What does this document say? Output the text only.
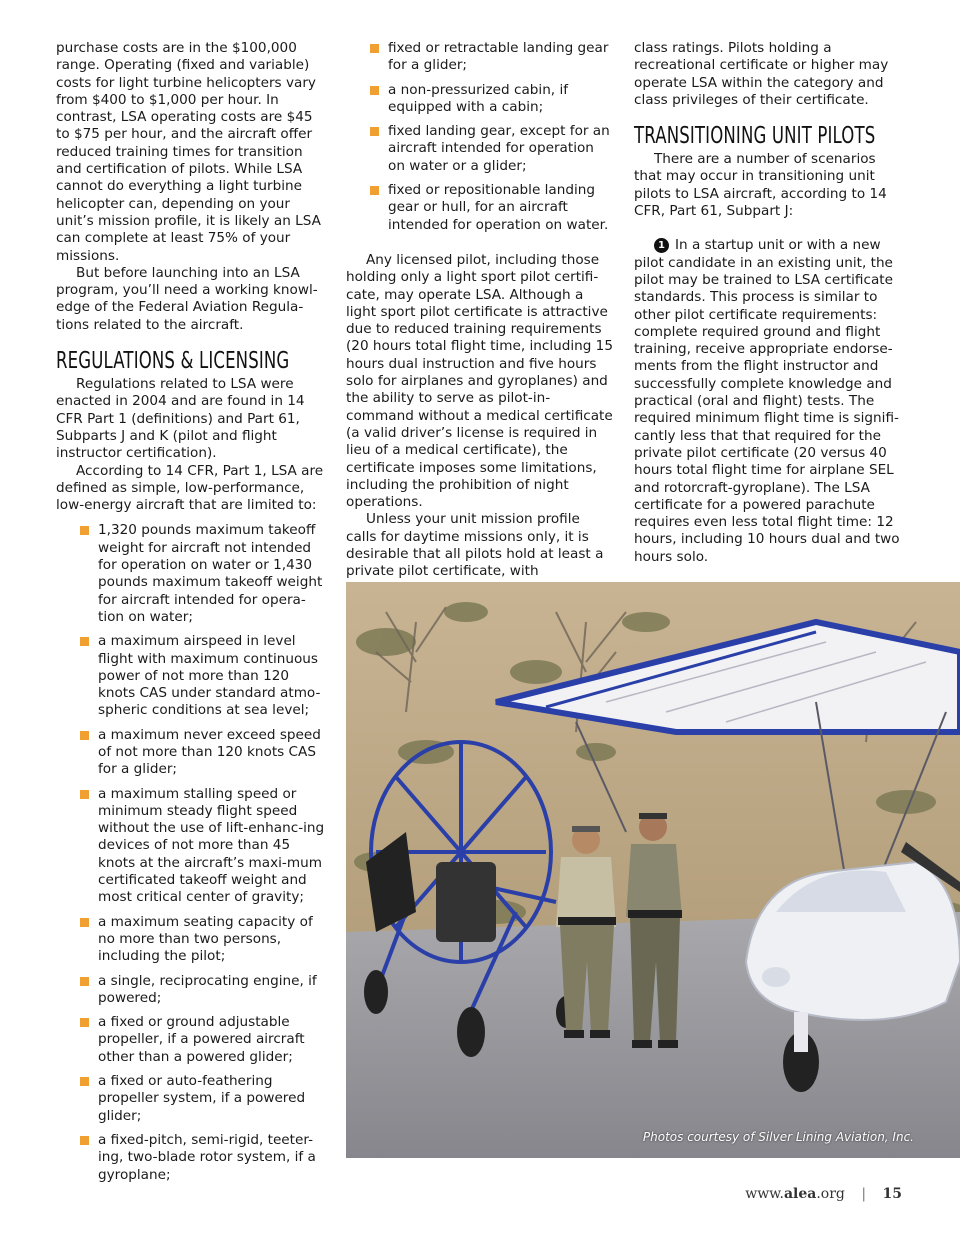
purchase costs are in the $100,000 range. Operating (fixed and variable) costs for light turbine helicopters vary from $400 to $1,000 per hour. In contrast, LSA operating costs are $45 to $75 per hour, and the aircraft offer reduced training times for transition and certification of pilots. While LSA cannot do everything a light turbine helicopter can, depending on your unit’s mission profile, it is likely an LSA can complete at least 75% of your missions.

But before launching into an LSA program, you’ll need a working knowl-edge of the Federal Aviation Regula-tions related to the aircraft.

REGULATIONS & LICENSING

Regulations related to LSA were enacted in 2004 and are found in 14 CFR Part 1 (definitions) and Part 61, Subparts J and K (pilot and flight instructor certification).

According to 14 CFR, Part 1, LSA are defined as simple, low-performance, low-energy aircraft that are limited to:

1,320 pounds maximum takeoff weight for aircraft not intended for operation on water or 1,430 pounds maximum takeoff weight for aircraft intended for opera-tion on water;
a maximum airspeed in level flight with maximum continuous power of not more than 120 knots CAS under standard atmo-spheric conditions at sea level;
a maximum never exceed speed of not more than 120 knots CAS for a glider;
a maximum stalling speed or minimum steady flight speed without the use of lift-enhanc-ing devices of not more than 45 knots at the aircraft’s maxi-mum certificated takeoff weight and most critical center of gravity;
a maximum seating capacity of no more than two persons, including the pilot;
a single, reciprocating engine, if powered;
a fixed or ground adjustable propeller, if a powered aircraft other than a powered glider;
a fixed or auto-feathering propeller system, if a powered glider;
a fixed-pitch, semi-rigid, teeter-ing, two-blade rotor system, if a gyroplane;
fixed or retractable landing gear for a glider;
a non-pressurized cabin, if equipped with a cabin;
fixed landing gear, except for an aircraft intended for operation on water or a glider;
fixed or repositionable landing gear or hull, for an aircraft intended for operation on water.

Any licensed pilot, including those holding only a light sport pilot certifi-cate, may operate LSA. Although a light sport pilot certificate is attractive due to reduced training requirements (20 hours total flight time, including 15 hours dual instruction and five hours solo for airplanes and gyroplanes) and the ability to serve as pilot-in-command without a medical certificate (a valid driver’s license is required in lieu of a medical certificate), the certificate imposes some limitations, including the prohibition of night operations.

Unless your unit mission profile calls for daytime missions only, it is desirable that all pilots hold at least a private pilot certificate, with

class ratings. Pilots holding a recreational certificate or higher may operate LSA within the category and class privileges of their certificate.

TRANSITIONING UNIT PILOTS

There are a number of scenarios that may occur in transitioning unit pilots to LSA aircraft, according to 14 CFR, Part 61, Subpart J:

1 In a startup unit or with a new pilot candidate in an existing unit, the pilot may be trained to LSA certificate standards. This process is similar to other pilot certificate requirements: complete required ground and flight training, receive appropriate endorse-ments from the flight instructor and successfully complete knowledge and practical (oral and flight) tests. The required minimum flight time is signifi-cantly less that that required for the private pilot certificate (20 versus 40 hours total flight time for airplane SEL and rotorcraft-gyroplane). The LSA certificate for a powered parachute requires even less total flight time: 12 hours, including 10 hours dual and two hours solo.

Photos courtesy of Silver Lining Aviation, Inc.
www.alea.org | 15
